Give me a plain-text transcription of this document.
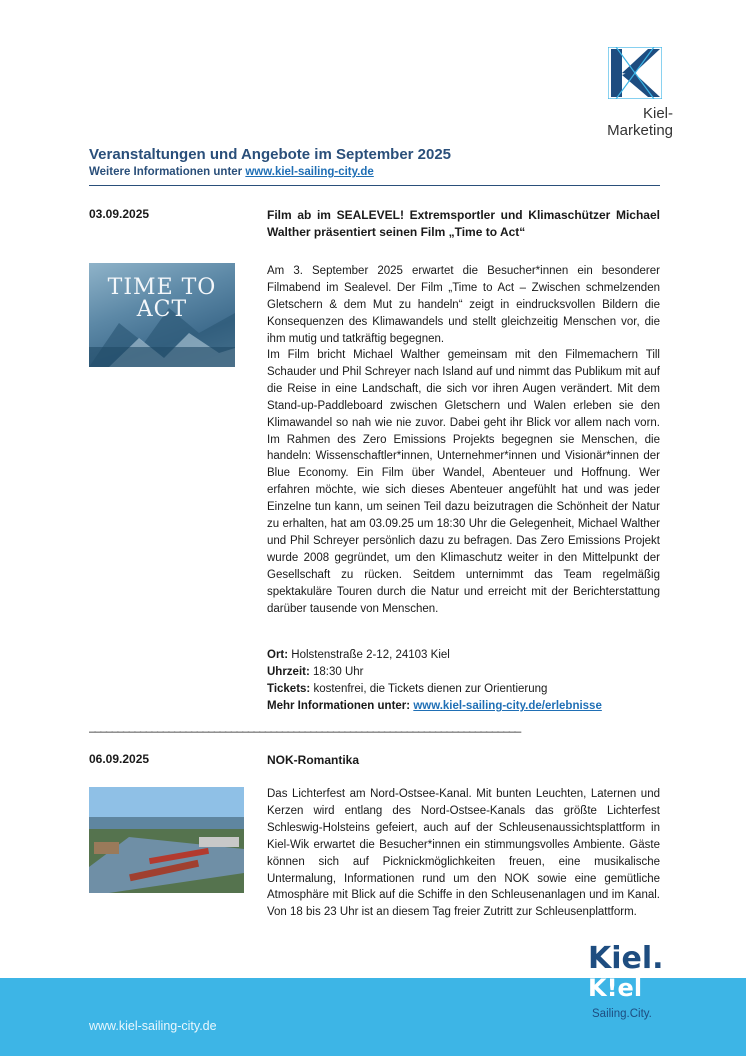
Kiel-Marketing
Veranstaltungen und Angebote im September 2025
Weitere Informationen unter www.kiel-sailing-city.de
03.09.2025	Film ab im SEALEVEL! Extremsportler und Klimaschützer Michael Walther präsentiert seinen Film „Time to Act“
TIME TO ACT

Am 3. September 2025 erwartet die Besucher*innen ein besonderer Filmabend im Sealevel. Der Film „Time to Act – Zwischen schmelzenden Gletschern & dem Mut zu handeln“ zeigt in eindrucksvollen Bildern die Konsequenzen des Klimawandels und stellt gleichzeitig Menschen vor, die ihm mutig und tatkräftig begegnen.

Im Film bricht Michael Walther gemeinsam mit den Filmemachern Till Schauder und Phil Schreyer nach Island auf und nimmt das Publikum mit auf die Reise in eine Landschaft, die sich vor ihren Augen verändert. Mit dem Stand-up-Paddleboard zwischen Gletschern und Walen erleben sie den Klimawandel so nah wie nie zuvor. Dabei geht ihr Blick vor allem nach vorn. Im Rahmen des Zero Emissions Projekts begegnen sie Menschen, die handeln: Wissenschaftler*innen, Unternehmer*innen und Visionär*innen der Blue Economy. Ein Film über Wandel, Abenteuer und Hoffnung. Wer erfahren möchte, wie sich dieses Abenteuer angefühlt hat und was jeder Einzelne tun kann, um seinen Teil dazu beizutragen die Schönheit der Natur zu erhalten, hat am 03.09.25 um 18:30 Uhr die Gelegenheit, Michael Walther und Phil Schreyer persönlich dazu zu befragen. Das Zero Emissions Projekt wurde 2008 gegründet, um den Klimaschutz weiter in den Mittelpunkt der Gesellschaft zu rücken. Seitdem unternimmt das Team regelmäßig spektakuläre Touren durch die Natur und erreicht mit der Berichterstattung darüber tausende von Menschen.

Ort: Holstenstraße 2-12, 24103 Kiel
Uhrzeit: 18:30 Uhr
Tickets: kostenfrei, die Tickets dienen zur Orientierung
Mehr Informationen unter: www.kiel-sailing-city.de/erlebnisse
____________________________________________________________________________
06.09.2025	NOK-Romantika

Das Lichterfest am Nord-Ostsee-Kanal. Mit bunten Leuchten, Laternen und Kerzen wird entlang des Nord-Ostsee-Kanals das größte Lichterfest Schleswig-Holsteins gefeiert, auch auf der Schleusenaussichtsplattform in Kiel-Wik erwartet die Besucher*innen ein stimmungsvolles Ambiente. Gäste können sich auf Picknickmöglichkeiten freuen, eine musikalische Untermalung, Informationen rund um den NOK sowie eine gemütliche Atmosphäre mit Blick auf die Schiffe in den Schleusenanlagen und im Kanal. Von 18 bis 23 Uhr ist an diesem Tag freier Zutritt zur Schleusenplattform.

www.kiel-sailing-city.de
Kiel.
K!el
Sailing.City.
